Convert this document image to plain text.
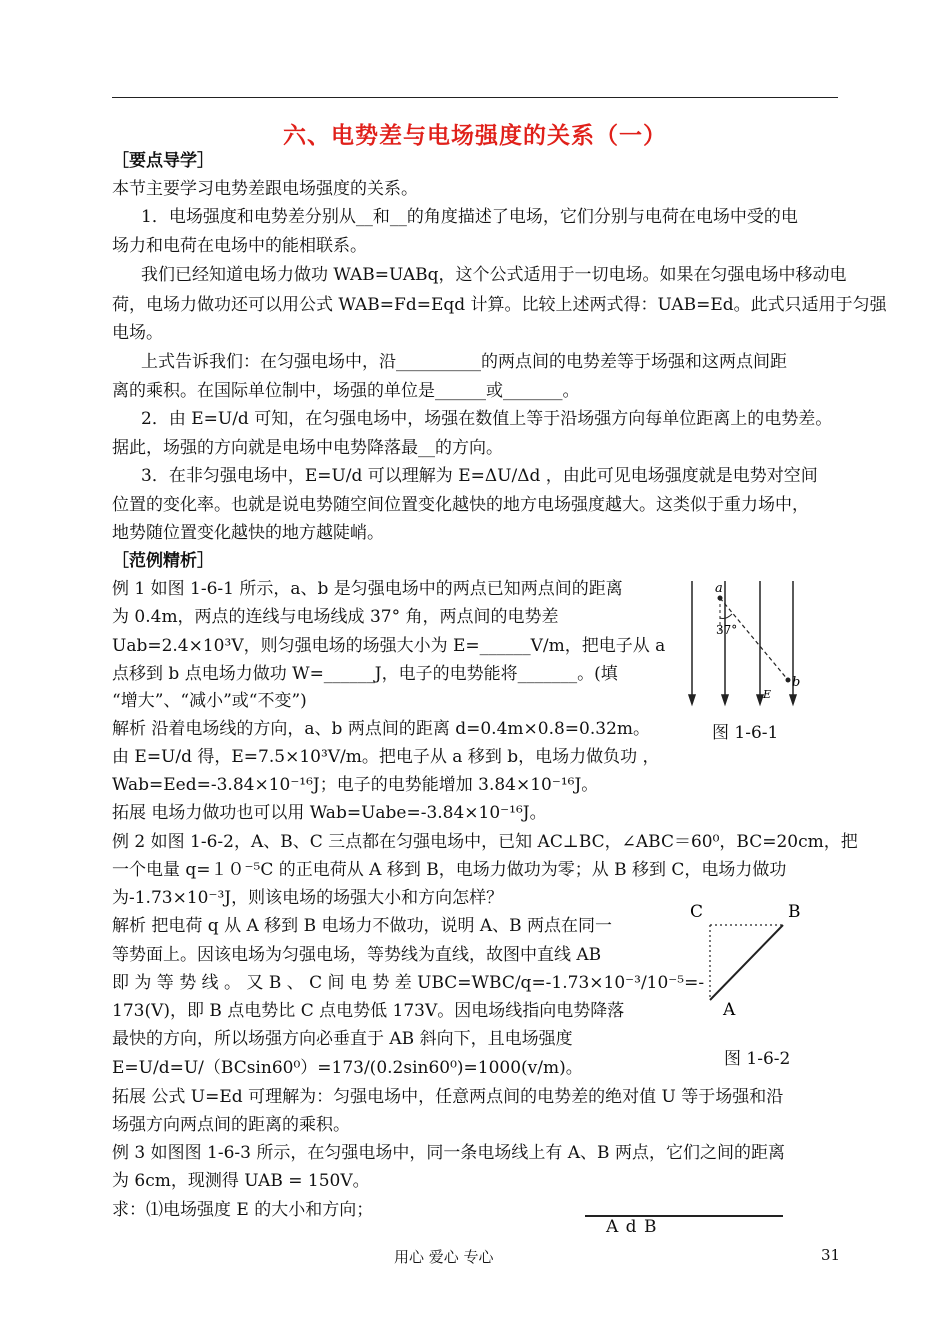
六、电势差与电场强度的关系（一）
［要点导学］
本节主要学习电势差跟电场强度的关系。
1．电场强度和电势差分别从__和__的角度描述了电场，它们分别与电荷在电场中受的电
场力和电荷在电场中的能相联系。
我们已经知道电场力做功 WAB=UABq，这个公式适用于一切电场。如果在匀强电场中移动电
荷，电场力做功还可以用公式 WAB=Fd=Eqd 计算。比较上述两式得：UAB=Ed。此式只适用于匀强
电场。
上式告诉我们：在匀强电场中，沿__________的两点间的电势差等于场强和这两点间距
离的乘积。在国际单位制中，场强的单位是______或_______。
2．由 E=U/d 可知，在匀强电场中，场强在数值上等于沿场强方向每单位距离上的电势差。
据此，场强的方向就是电场中电势降落最__的方向。
3．在非匀强电场中，E=U/d 可以理解为 E=ΔU/Δd ，由此可见电场强度就是电势对空间
位置的变化率。也就是说电势随空间位置变化越快的地方电场强度越大。这类似于重力场中，
地势随位置变化越快的地方越陡峭。
［范例精析］
例 1 如图 1-6-1 所示，a、b 是匀强电场中的两点已知两点间的距离
为 0.4m，两点的连线与电场线成 37° 角，两点间的电势差
Uab=2.4×10³V，则匀强电场的场强大小为 E=______V/m，把电子从 a
点移到 b 点电场力做功 W=______J，电子的电势能将_______。(填
“增大”、“减小”或“不变”)
解析 沿着电场线的方向，a、b 两点间的距离 d=0.4m×0.8=0.32m。
由 E=U/d 得，E=7.5×10³V/m。把电子从 a 移到 b，电场力做负功 ，
Wab=Eed=-3.84×10⁻¹⁶J；电子的电势能增加 3.84×10⁻¹⁶J。
拓展 电场力做功也可以用 Wab=Uabe=-3.84×10⁻¹⁶J。
例 2 如图 1-6-2，A、B、C 三点都在匀强电场中，已知 AC⊥BC，∠ABC＝60⁰，BC=20cm，把
一个电量 q=１０⁻⁵C 的正电荷从 A 移到 B，电场力做功为零；从 B 移到 C，电场力做功
为-1.73×10⁻³J，则该电场的场强大小和方向怎样？
解析 把电荷 q 从 A 移到 B 电场力不做功，说明 A、B 两点在同一
等势面上。因该电场为匀强电场，等势线为直线，故图中直线 AB
即 为 等 势 线 。 又 B 、 C 间 电 势 差 UBC=WBC/q=-1.73×10⁻³/10⁻⁵=-
173(V)，即 B 点电势比 C 点电势低 173V。因电场线指向电势降落
最快的方向，所以场强方向必垂直于 AB 斜向下，且电场强度
E=U/d=U/（BCsin60⁰）=173/(0.2sin60⁰)=1000(v/m)。
拓展 公式 U=Ed 可理解为：匀强电场中，任意两点间的电势差的绝对值 U 等于场强和沿
场强方向两点间的距离的乘积。
例 3 如图图 1-6-3 所示，在匀强电场中，同一条电场线上有 A、B 两点，它们之间的距离
为 6cm，现测得 UAB = 150V。
求：⑴电场强度 E 的大小和方向；
a
b
37°
E
图 1-6-1
C	B
A
图 1-6-2
A d B
用心 爱心 专心	31
